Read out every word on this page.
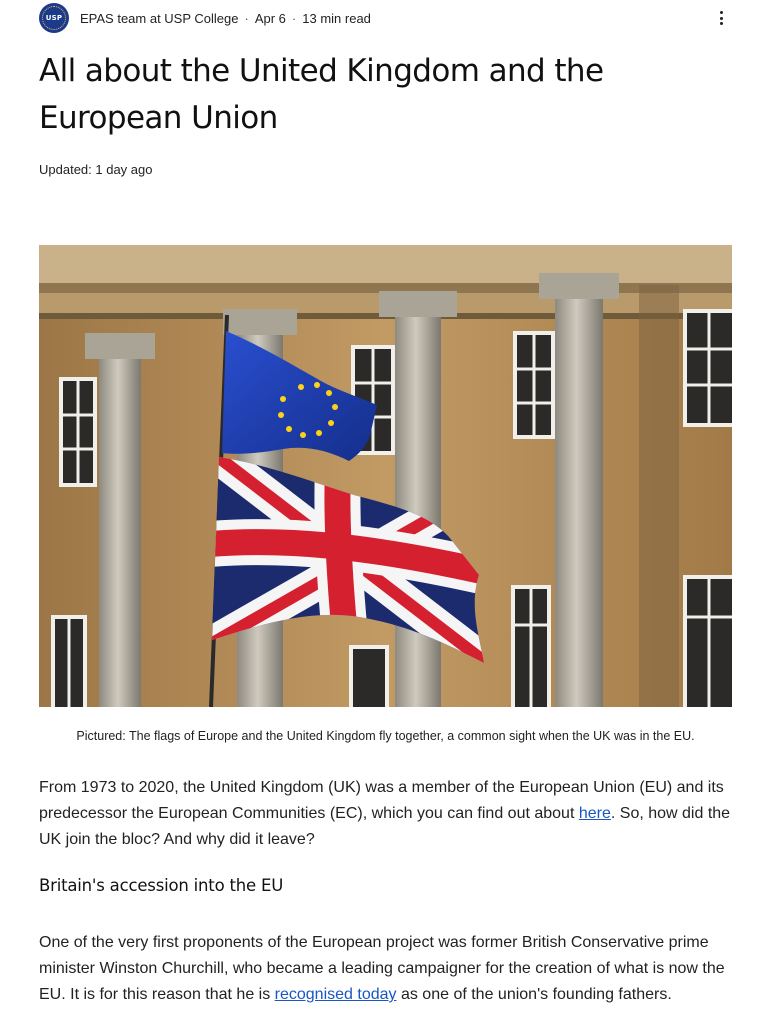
USP EPAS team at USP College · Apr 6 · 13 min read
All about the United Kingdom and the European Union
Updated: 1 day ago
Pictured: The flags of Europe and the United Kingdom fly together, a common sight when the UK was in the EU.

From 1973 to 2020, the United Kingdom (UK) was a member of the European Union (EU) and its predecessor the European Communities (EC), which you can find out about here. So, how did the UK join the bloc? And why did it leave?

Britain's accession into the EU

One of the very first proponents of the European project was former British Conservative prime minister Winston Churchill, who became a leading campaigner for the creation of what is now the EU. It is for this reason that he is recognised today as one of the union's founding fathers.
